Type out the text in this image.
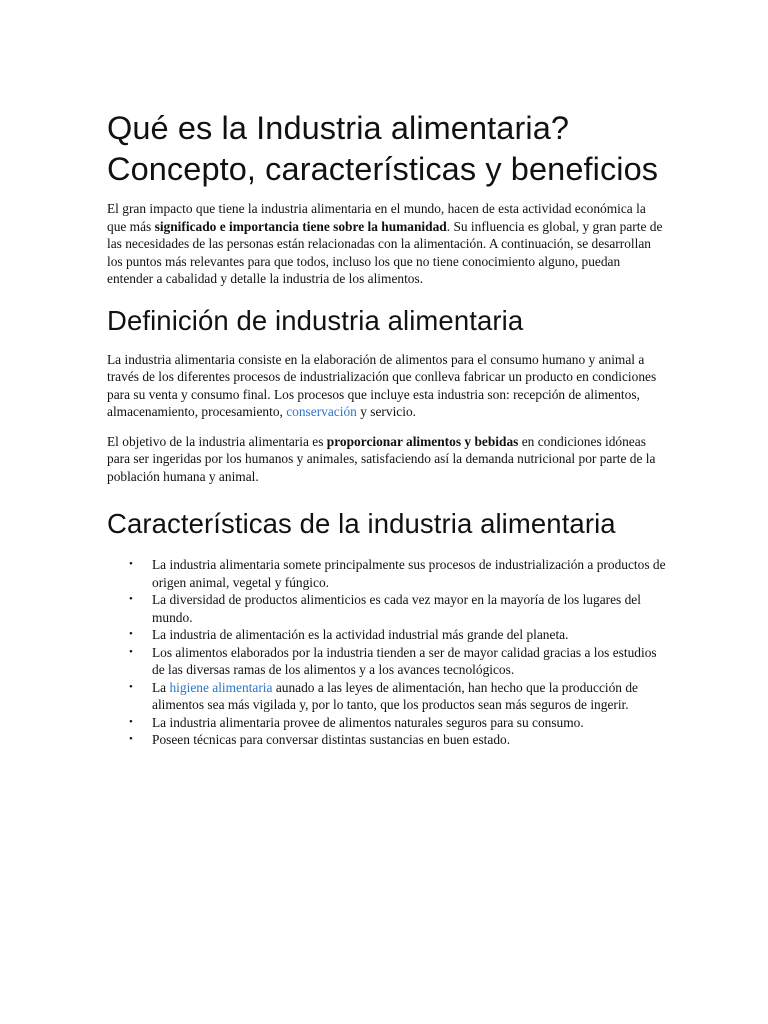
Qué es la Industria alimentaria? Concepto, características y beneficios

El gran impacto que tiene la industria alimentaria en el mundo, hacen de esta actividad económica la que más significado e importancia tiene sobre la humanidad. Su influencia es global, y gran parte de las necesidades de las personas están relacionadas con la alimentación. A continuación, se desarrollan los puntos más relevantes para que todos, incluso los que no tiene conocimiento alguno, puedan entender a cabalidad y detalle la industria de los alimentos.

Definición de industria alimentaria

La industria alimentaria consiste en la elaboración de alimentos para el consumo humano y animal a través de los diferentes procesos de industrialización que conlleva fabricar un producto en condiciones para su venta y consumo final. Los procesos que incluye esta industria son: recepción de alimentos, almacenamiento, procesamiento, conservación y servicio.

El objetivo de la industria alimentaria es proporcionar alimentos y bebidas en condiciones idóneas para ser ingeridas por los humanos y animales, satisfaciendo así la demanda nutricional por parte de la población humana y animal.

Características de la industria alimentaria
• La industria alimentaria somete principalmente sus procesos de industrialización a productos de origen animal, vegetal y fúngico.
• La diversidad de productos alimenticios es cada vez mayor en la mayoría de los lugares del mundo.
• La industria de alimentación es la actividad industrial más grande del planeta.
• Los alimentos elaborados por la industria tienden a ser de mayor calidad gracias a los estudios de las diversas ramas de los alimentos y a los avances tecnológicos.
• La higiene alimentaria aunado a las leyes de alimentación, han hecho que la producción de alimentos sea más vigilada y, por lo tanto, que los productos sean más seguros de ingerir.
• La industria alimentaria provee de alimentos naturales seguros para su consumo.
• Poseen técnicas para conversar distintas sustancias en buen estado.
